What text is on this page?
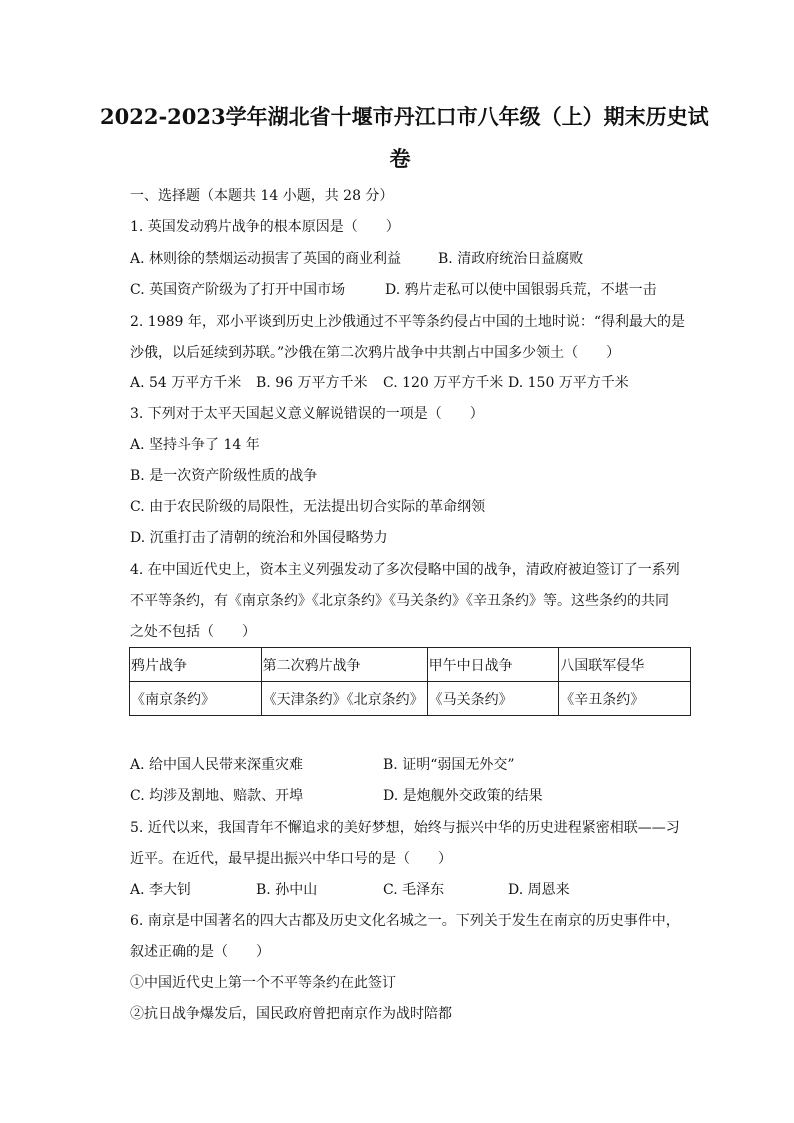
2022-2023学年湖北省十堰市丹江口市八年级（上）期末历史试
卷
一、选择题（本题共 14 小题，共 28 分）
1. 英国发动鸦片战争的根本原因是（　　）
A. 林则徐的禁烟运动损害了英国的商业利益	B. 清政府统治日益腐败
C. 英国资产阶级为了打开中国市场	D. 鸦片走私可以使中国银弱兵荒，不堪一击
2. 1989 年，邓小平谈到历史上沙俄通过不平等条约侵占中国的土地时说：“得利最大的是
沙俄，以后延续到苏联。”沙俄在第二次鸦片战争中共割占中国多少领土（　　）
A. 54 万平方千米 B. 96 万平方千米 C. 120 万平方千米 D. 150 万平方千米
3. 下列对于太平天国起义意义解说错误的一项是（　　）
A. 坚持斗争了 14 年
B. 是一次资产阶级性质的战争
C. 由于农民阶级的局限性，无法提出切合实际的革命纲领
D. 沉重打击了清朝的统治和外国侵略势力
4. 在中国近代史上，资本主义列强发动了多次侵略中国的战争，清政府被迫签订了一系列
不平等条约，有《南京条约》《北京条约》《马关条约》《辛丑条约》等。这些条约的共同
之处不包括（　　）
鸦片战争	第二次鸦片战争	甲午中日战争	八国联军侵华
《南京条约》	《天津条约》《北京条约》	《马关条约》	《辛丑条约》
A. 给中国人民带来深重灾难	B. 证明“弱国无外交”
C. 均涉及割地、赔款、开埠	D. 是炮舰外交政策的结果
5. 近代以来，我国青年不懈追求的美好梦想，始终与振兴中华的历史进程紧密相联——习
近平。在近代，最早提出振兴中华口号的是（　　）
A. 李大钊	B. 孙中山	C. 毛泽东	D. 周恩来
6. 南京是中国著名的四大古都及历史文化名城之一。下列关于发生在南京的历史事件中，
叙述正确的是（　　）
①中国近代史上第一个不平等条约在此签订
②抗日战争爆发后，国民政府曾把南京作为战时陪都
